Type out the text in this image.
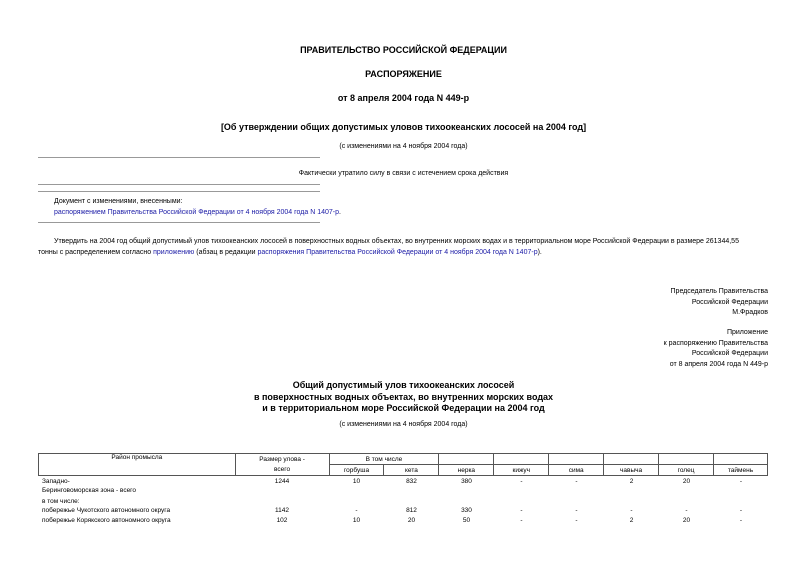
ПРАВИТЕЛЬСТВО РОССИЙСКОЙ ФЕДЕРАЦИИ
РАСПОРЯЖЕНИЕ
от 8 апреля 2004 года N 449-р
[Об утверждении общих допустимых уловов тихоокеанских лососей на 2004 год]
(с изменениями на 4 ноября 2004 года)
Фактически утратило силу в связи с истечением срока действия
Документ с изменениями, внесенными:
распоряжением Правительства Российской Федерации от 4 ноября 2004 года N 1407-р.
Утвердить на 2004 год общий допустимый улов тихоокеанских лососей в поверхностных водных объектах, во внутренних морских водах и в территориальном море Российской Федерации в размере 261344,55
тонны с распределением согласно приложению (абзац в редакции распоряжения Правительства Российской Федерации от 4 ноября 2004 года N 1407-р).
Председатель Правительства
Российской Федерации
М.Фрадков
Приложение
к распоряжению Правительства
Российской Федерации
от 8 апреля 2004 года N 449-р
Общий допустимый улов тихоокеанских лососей
в поверхностных водных объектах, во внутренних морских водах
и в территориальном море Российской Федерации на 2004 год
(с изменениями на 4 ноября 2004 года)
Район промысла	Размер улова -	В том числе							
	всего	горбуша	кета	нерка	кижуч	сима	чавыча	голец	таймень
Западно-	1244	10	832	380	-	-	2	20	-
Беринговоморская зона - всего
в том числе:
побережье Чукотского автономного округа	1142	-	812	330	-	-	-	-	-
побережье Корякского автономного округа	102	10	20	50	-	-	2	20	-
